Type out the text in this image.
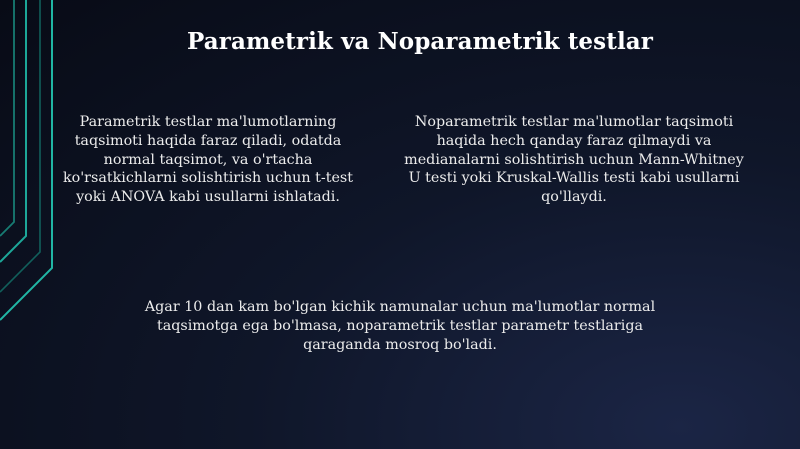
Parametrik va Noparametrik testlar
Parametrik testlar ma'lumotlarning taqsimoti haqida faraz qiladi, odatda normal taqsimot, va o'rtacha ko'rsatkichlarni solishtirish uchun t-test yoki ANOVA kabi usullarni ishlatadi.
Noparametrik testlar ma'lumotlar taqsimoti haqida hech qanday faraz qilmaydi va medianalarni solishtirish uchun Mann-Whitney U testi yoki Kruskal-Wallis testi kabi usullarni qo'llaydi.
Agar 10 dan kam bo'lgan kichik namunalar uchun ma'lumotlar normal taqsimotga ega bo'lmasa, noparametrik testlar parametr testlariga qaraganda mosroq bo'ladi.
